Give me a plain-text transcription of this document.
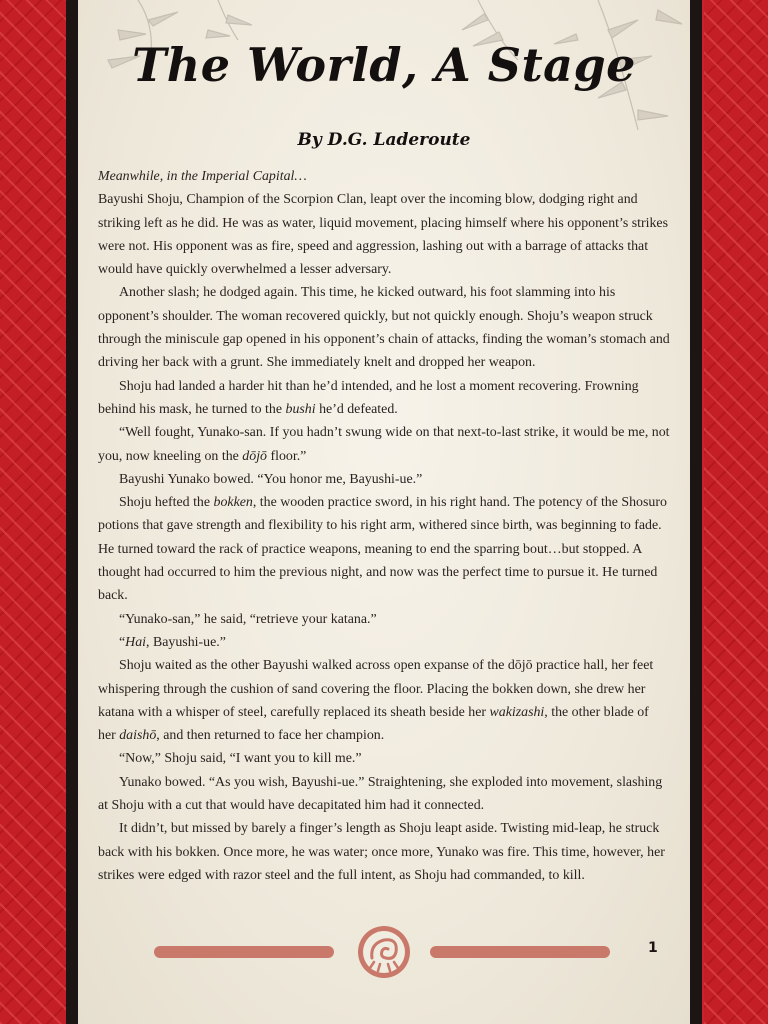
The World, A Stage
By D.G. Laderoute

Meanwhile, in the Imperial Capital…
Bayushi Shoju, Champion of the Scorpion Clan, leapt over the incoming blow, dodging right and striking left as he did. He was as water, liquid movement, placing himself where his opponent’s strikes were not. His opponent was as fire, speed and aggression, lashing out with a barrage of attacks that would have quickly overwhelmed a lesser adversary.

Another slash; he dodged again. This time, he kicked outward, his foot slamming into his opponent’s shoulder. The woman recovered quickly, but not quickly enough. Shoju’s weapon struck through the miniscule gap opened in his opponent’s chain of attacks, finding the woman’s stomach and driving her back with a grunt. She immediately knelt and dropped her weapon.

Shoju had landed a harder hit than he’d intended, and he lost a moment recovering. Frowning behind his mask, he turned to the bushi he’d defeated.

“Well fought, Yunako-san. If you hadn’t swung wide on that next-to-last strike, it would be me, not you, now kneeling on the dōjō floor.”

Bayushi Yunako bowed. “You honor me, Bayushi-ue.”

Shoju hefted the bokken, the wooden practice sword, in his right hand. The potency of the Shosuro potions that gave strength and flexibility to his right arm, withered since birth, was beginning to fade. He turned toward the rack of practice weapons, meaning to end the sparring bout…but stopped. A thought had occurred to him the previous night, and now was the perfect time to pursue it. He turned back.

“Yunako-san,” he said, “retrieve your katana.”

“Hai, Bayushi-ue.”

Shoju waited as the other Bayushi walked across open expanse of the dōjō practice hall, her feet whispering through the cushion of sand covering the floor. Placing the bokken down, she drew her katana with a whisper of steel, carefully replaced its sheath beside her wakizashi, the other blade of her daishō, and then returned to face her champion.

“Now,” Shoju said, “I want you to kill me.”

Yunako bowed. “As you wish, Bayushi-ue.” Straightening, she exploded into movement, slashing at Shoju with a cut that would have decapitated him had it connected.

It didn’t, but missed by barely a finger’s length as Shoju leapt aside. Twisting mid-leap, he struck back with his bokken. Once more, he was water; once more, Yunako was fire. This time, however, her strikes were edged with razor steel and the full intent, as Shoju had commanded, to kill.

1
